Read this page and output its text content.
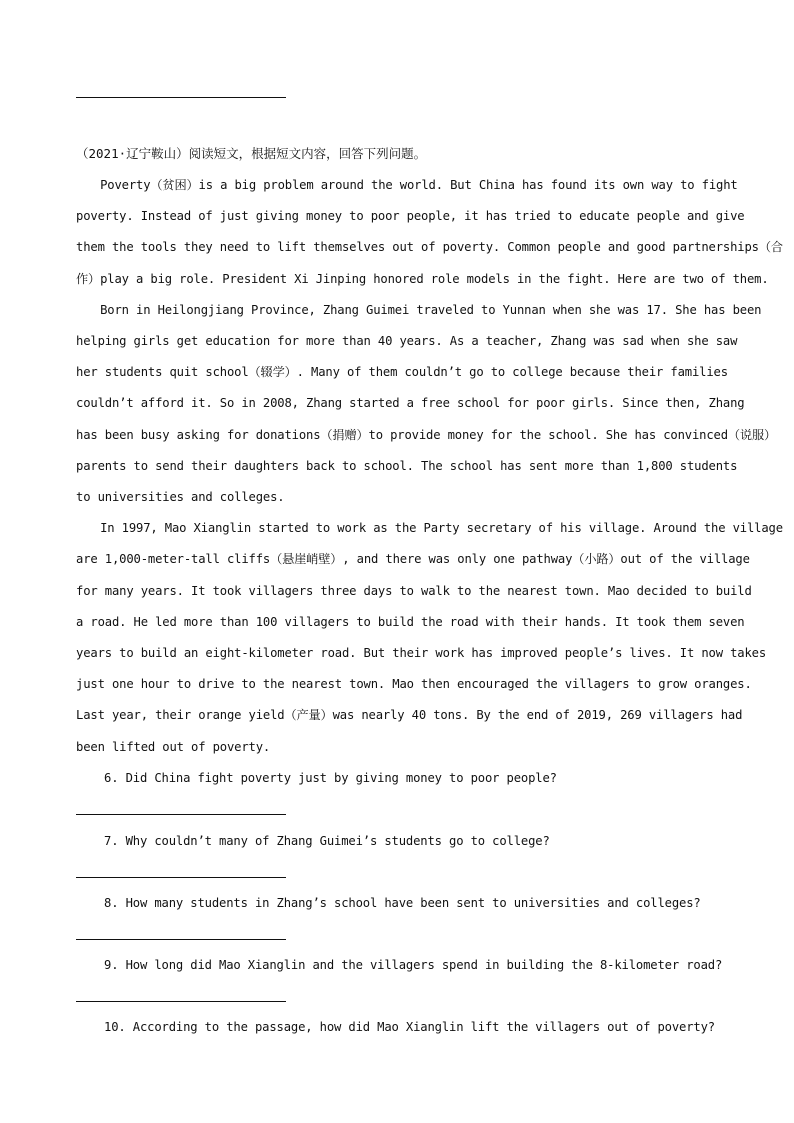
（2021·辽宁鞍山）阅读短文，根据短文内容，回答下列问题。
　　Poverty（贫困）is a big problem around the world. But China has found its own way to fight
poverty. Instead of just giving money to poor people, it has tried to educate people and give
them the tools they need to lift themselves out of poverty. Common people and good partnerships（合
作）play a big role. President Xi Jinping honored role models in the fight. Here are two of them.
　　Born in Heilongjiang Province, Zhang Guimei traveled to Yunnan when she was 17. She has been
helping girls get education for more than 40 years. As a teacher, Zhang was sad when she saw
her students quit school（辍学）. Many of them couldn’t go to college because their families
couldn’t afford it. So in 2008, Zhang started a free school for poor girls. Since then, Zhang
has been busy asking for donations（捐赠）to provide money for the school. She has convinced（说服）
parents to send their daughters back to school. The school has sent more than 1,800 students
to universities and colleges.
　　In 1997, Mao Xianglin started to work as the Party secretary of his village. Around the village
are 1,000-meter-tall cliffs（悬崖峭壁）, and there was only one pathway（小路）out of the village
for many years. It took villagers three days to walk to the nearest town. Mao decided to build
a road. He led more than 100 villagers to build the road with their hands. It took them seven
years to build an eight-kilometer road. But their work has improved people’s lives. It now takes
just one hour to drive to the nearest town. Mao then encouraged the villagers to grow oranges.
Last year, their orange yield（产量）was nearly 40 tons. By the end of 2019, 269 villagers had
been lifted out of poverty.
6. Did China fight poverty just by giving money to poor people?
7. Why couldn’t many of Zhang Guimei’s students go to college?
8. How many students in Zhang’s school have been sent to universities and colleges?
9. How long did Mao Xianglin and the villagers spend in building the 8-kilometer road?
10. According to the passage, how did Mao Xianglin lift the villagers out of poverty?
